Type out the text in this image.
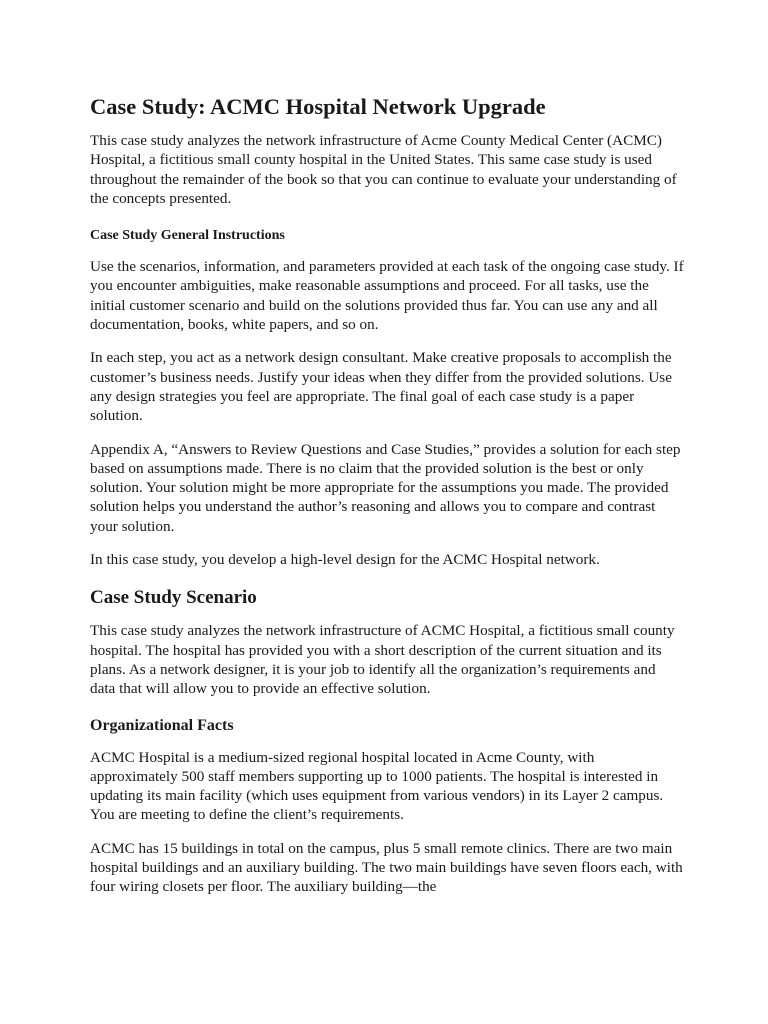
Case Study: ACMC Hospital Network Upgrade

This case study analyzes the network infrastructure of Acme County Medical Center (ACMC) Hospital, a fictitious small county hospital in the United States. This same case study is used throughout the remainder of the book so that you can continue to evaluate your understanding of the concepts presented.

Case Study General Instructions

Use the scenarios, information, and parameters provided at each task of the ongoing case study. If you encounter ambiguities, make reasonable assumptions and proceed. For all tasks, use the initial customer scenario and build on the solutions provided thus far. You can use any and all documentation, books, white papers, and so on.

In each step, you act as a network design consultant. Make creative proposals to accomplish the customer’s business needs. Justify your ideas when they differ from the provided solutions. Use any design strategies you feel are appropriate. The final goal of each case study is a paper solution.

Appendix A, “Answers to Review Questions and Case Studies,” provides a solution for each step based on assumptions made. There is no claim that the provided solution is the best or only solution. Your solution might be more appropriate for the assumptions you made. The provided solution helps you understand the author’s reasoning and allows you to compare and contrast your solution.

In this case study, you develop a high-level design for the ACMC Hospital network.

Case Study Scenario

This case study analyzes the network infrastructure of ACMC Hospital, a fictitious small county hospital. The hospital has provided you with a short description of the current situation and its plans. As a network designer, it is your job to identify all the organization’s requirements and data that will allow you to provide an effective solution.

Organizational Facts

ACMC Hospital is a medium-sized regional hospital located in Acme County, with approximately 500 staff members supporting up to 1000 patients. The hospital is interested in updating its main facility (which uses equipment from various vendors) in its Layer 2 campus. You are meeting to define the client’s requirements.

ACMC has 15 buildings in total on the campus, plus 5 small remote clinics. There are two main hospital buildings and an auxiliary building. The two main buildings have seven floors each, with four wiring closets per floor. The auxiliary building—the
